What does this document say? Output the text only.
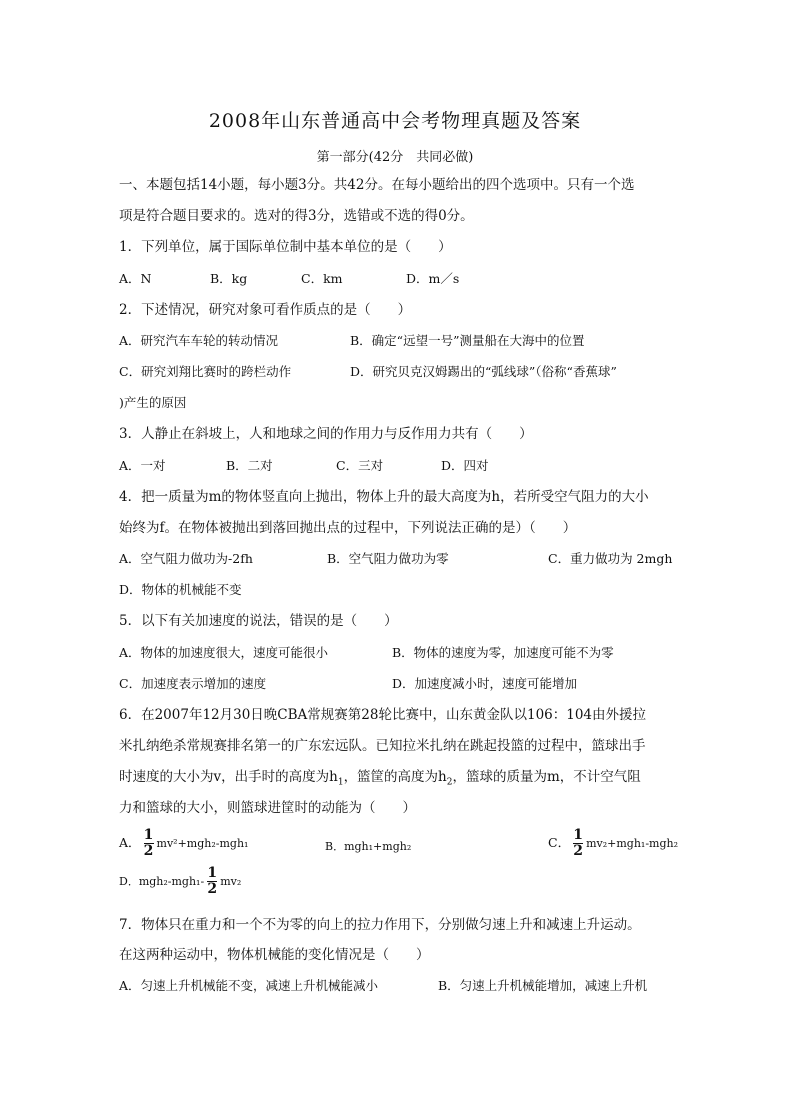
2008年山东普通高中会考物理真题及答案
第一部分(42分　共同必做)
一、本题包括14小题，每小题3分。共42分。在每小题给出的四个选项中。只有一个选
项是符合题目要求的。选对的得3分，选错或不选的得0分。
1．下列单位，属于国际单位制中基本单位的是（　　）
A．N	B．kg	C．km	D．m／s
2．下述情况，研究对象可看作质点的是（　　）
A．研究汽车车轮的转动情况	B．确定“远望一号”测量船在大海中的位置
C．研究刘翔比赛时的跨栏动作	D．研究贝克汉姆踢出的“弧线球”（俗称“香蕉球”
)产生的原因
3．人静止在斜坡上，人和地球之间的作用力与反作用力共有（　　）
A．一对	B．二对	C．三对	D．四对
4．把一质量为m的物体竖直向上抛出，物体上升的最大高度为h，若所受空气阻力的大小
始终为f。在物体被抛出到落回抛出点的过程中，下列说法正确的是）（　　）
A．空气阻力做功为-2fh	B．空气阻力做功为零	C．重力做功为 2mgh
D．物体的机械能不变
5．以下有关加速度的说法，错误的是（　　）
A．物体的加速度很大，速度可能很小	B．物体的速度为零，加速度可能不为零
C．加速度表示增加的速度	D．加速度减小时，速度可能增加
6．在2007年12月30日晚CBA常规赛第28轮比赛中，山东黄金队以106：104由外援拉
米扎纳绝杀常规赛排名第一的广东宏远队。已知拉米扎纳在跳起投篮的过程中，篮球出手
时速度的大小为v，出手时的高度为$h_1$，篮筐的高度为$h_2$，篮球的质量为m，不计空气阻
力和篮球的大小，则篮球进筐时的动能为（　　）
A． $\frac{1}{2} mv^2+mgh_2-mgh_1$	B．mgh₁+mgh₂	C． $\frac{1}{2} mv_2+mgh_1-mgh_2$
D．$mgh_2-mgh_1- \frac{1}{2} mv_2$
7．物体只在重力和一个不为零的向上的拉力作用下，分别做匀速上升和减速上升运动。
在这两种运动中，物体机械能的变化情况是（　　）
A．匀速上升机械能不变，减速上升机械能减小	B．匀速上升机械能增加，减速上升机
